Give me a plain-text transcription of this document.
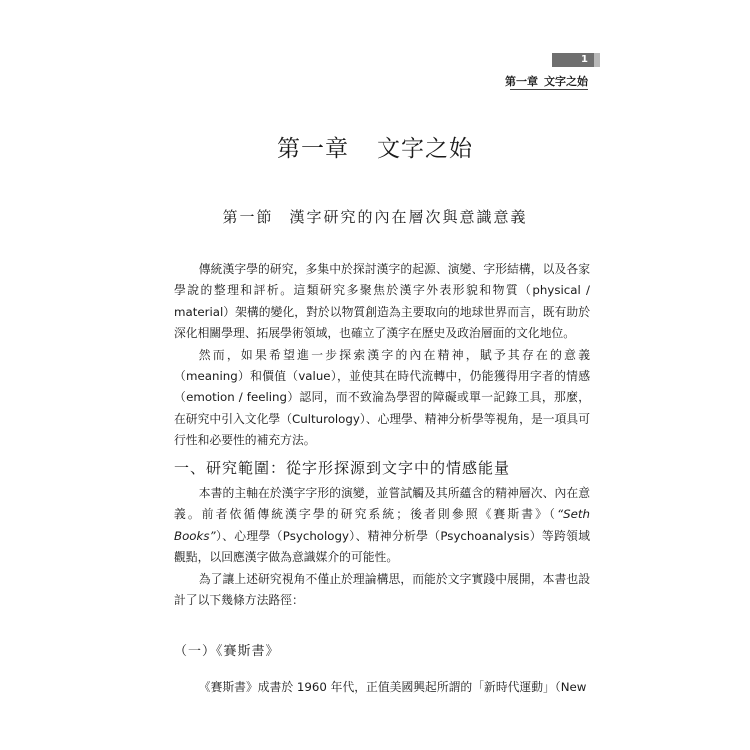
1
第一章 文字之始
第一章 文字之始
第一節 漢字研究的內在層次與意識意義

傳統漢字學的研究，多集中於探討漢字的起源、演變、字形結構，以及各家學說的整理和評析。這類研究多聚焦於漢字外表形貌和物質（physical / material）架構的變化，對於以物質創造為主要取向的地球世界而言，既有助於深化相關學理、拓展學術領域，也確立了漢字在歷史及政治層面的文化地位。

然而，如果希望進一步探索漢字的內在精神，賦予其存在的意義（meaning）和價值（value），並使其在時代流轉中，仍能獲得用字者的情感（emotion / feeling）認同，而不致淪為學習的障礙或單一記錄工具，那麼，在研究中引入文化學（Culturology）、心理學、精神分析學等視角，是一項具可行性和必要性的補充方法。

一、研究範圍：從字形探源到文字中的情感能量

本書的主軸在於漢字字形的演變，並嘗試觸及其所蘊含的精神層次、內在意義。前者依循傳統漢字學的研究系統；後者則參照《賽斯書》（“Seth Books”）、心理學（Psychology）、精神分析學（Psychoanalysis）等跨領域觀點，以回應漢字做為意識媒介的可能性。

為了讓上述研究視角不僅止於理論構思，而能於文字實踐中展開，本書也設計了以下幾條方法路徑：

（一）《賽斯書》
《賽斯書》成書於 1960 年代，正值美國興起所謂的「新時代運動」（New
